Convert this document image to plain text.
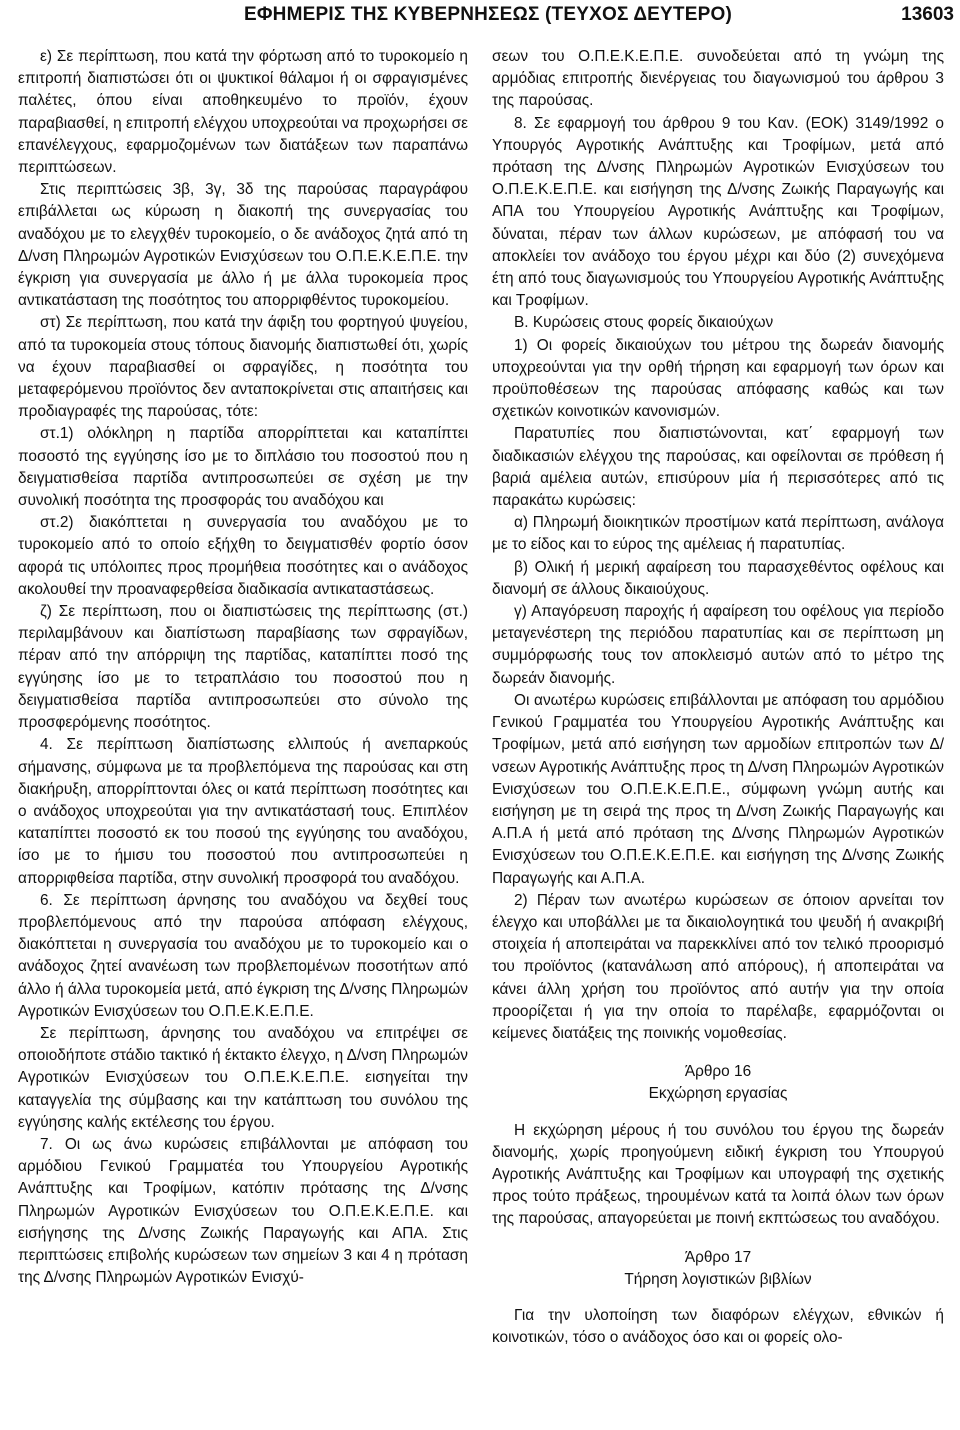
ΕΦΗΜΕΡΙΣ ΤΗΣ ΚΥΒΕΡΝΗΣΕΩΣ (ΤΕΥΧΟΣ ΔΕΥΤΕΡΟ)	13603

ε) Σε περίπτωση, που κατά την φόρτωση από το τυροκομείο η επιτροπή διαπιστώσει ότι οι ψυκτικοί θάλαμοι ή οι σφραγισμένες παλέτες, όπου είναι αποθηκευμένο το προϊόν, έχουν παραβιασθεί, η επιτροπή ελέγχου υποχρεούται να προχωρήσει σε επανέλεγχους, εφαρμοζομένων των διατάξεων των παραπάνω περιπτώσεων.

Στις περιπτώσεις 3β, 3γ, 3δ της παρούσας παραγράφου επιβάλλεται ως κύρωση η διακοπή της συνεργασίας του αναδόχου με το ελεγχθέν τυροκομείο, ο δε ανάδοχος ζητά από τη Δ/νση Πληρωμών Αγροτικών Ενισχύσεων του Ο.Π.Ε.Κ.Ε.Π.Ε. την έγκριση για συνεργασία με άλλο ή με άλλα τυροκομεία προς αντικατάσταση της ποσότητος του απορριφθέντος τυροκομείου.

στ) Σε περίπτωση, που κατά την άφιξη του φορτηγού ψυγείου, από τα τυροκομεία στους τόπους διανομής διαπιστωθεί ότι, χωρίς να έχουν παραβιασθεί οι σφραγίδες, η ποσότητα του μεταφερόμενου προϊόντος δεν ανταποκρίνεται στις απαιτήσεις και προδιαγραφές της παρούσας, τότε:

στ.1) ολόκληρη η παρτίδα απορρίπτεται και καταπίπτει ποσοστό της εγγύησης ίσο με το διπλάσιο του ποσοστού που η δειγματισθείσα παρτίδα αντιπροσωπεύει σε σχέση με την συνολική ποσότητα της προσφοράς του αναδόχου και

στ.2) διακόπτεται η συνεργασία του αναδόχου με το τυροκομείο από το οποίο εξήχθη το δειγματισθέν φορτίο όσον αφορά τις υπόλοιπες προς προμήθεια ποσότητες και ο ανάδοχος ακολουθεί την προαναφερθείσα διαδικασία αντικαταστάσεως.

ζ) Σε περίπτωση, που οι διαπιστώσεις της περίπτωσης (στ.) περιλαμβάνουν και διαπίστωση παραβίασης των σφραγίδων, πέραν από την απόρριψη της παρτίδας, καταπίπτει ποσό της εγγύησης ίσο με το τετραπλάσιο του ποσοστού που η δειγματισθείσα παρτίδα αντιπροσωπεύει στο σύνολο της προσφερόμενης ποσότητος.

4. Σε περίπτωση διαπίστωσης ελλιπούς ή ανεπαρκούς σήμανσης, σύμφωνα με τα προβλεπόμενα της παρούσας και στη διακήρυξη, απορρίπτονται όλες οι κατά περίπτωση ποσότητες και ο ανάδοχος υποχρεούται για την αντικατάστασή τους. Επιπλέον καταπίπτει ποσοστό εκ του ποσού της εγγύησης του αναδόχου, ίσο με το ήμισυ του ποσοστού που αντιπροσωπεύει η απορριφθείσα παρτίδα, στην συνολική προσφορά του αναδόχου.

6. Σε περίπτωση άρνησης του αναδόχου να δεχθεί τους προβλεπόμενους από την παρούσα απόφαση ελέγχους, διακόπτεται η συνεργασία του αναδόχου με το τυροκομείο και ο ανάδοχος ζητεί ανανέωση των προβλεπομένων ποσοτήτων από άλλο ή άλλα τυροκομεία μετά, από έγκριση της Δ/νσης Πληρωμών Αγροτικών Ενισχύσεων του Ο.Π.Ε.Κ.Ε.Π.Ε.

Σε περίπτωση, άρνησης του αναδόχου να επιτρέψει σε οποιοδήποτε στάδιο τακτικό ή έκτακτο έλεγχο, η Δ/νση Πληρωμών Αγροτικών Ενισχύσεων του Ο.Π.Ε.Κ.Ε.Π.Ε. εισηγείται την καταγγελία της σύμβασης και την κατάπτωση του συνόλου της εγγύησης καλής εκτέλεσης του έργου.

7. Οι ως άνω κυρώσεις επιβάλλονται με απόφαση του αρμόδιου Γενικού Γραμματέα του Υπουργείου Αγροτικής Ανάπτυξης και Τροφίμων, κατόπιν πρότασης της Δ/νσης Πληρωμών Αγροτικών Ενισχύσεων του Ο.Π.Ε.Κ.Ε.Π.Ε. και εισήγησης της Δ/νσης Ζωικής Παραγωγής και ΑΠΑ. Στις περιπτώσεις επιβολής κυρώσεων των σημείων 3 και 4 η πρόταση της Δ/νσης Πληρωμών Αγροτικών Ενισχύ-

σεων του Ο.Π.Ε.Κ.Ε.Π.Ε. συνοδεύεται από τη γνώμη της αρμόδιας επιτροπής διενέργειας του διαγωνισμού του άρθρου 3 της παρούσας.

8. Σε εφαρμογή του άρθρου 9 του Καν. (ΕΟΚ) 3149/1992 ο Υπουργός Αγροτικής Ανάπτυξης και Τροφίμων, μετά από πρόταση της Δ/νσης Πληρωμών Αγροτικών Ενισχύσεων του Ο.Π.Ε.Κ.Ε.Π.Ε. και εισήγηση της Δ/νσης Ζωικής Παραγωγής και ΑΠΑ του Υπουργείου Αγροτικής Ανάπτυξης και Τροφίμων, δύναται, πέραν των άλλων κυρώσεων, με απόφασή του να αποκλείει τον ανάδοχο του έργου μέχρι και δύο (2) συνεχόμενα έτη από τους διαγωνισμούς του Υπουργείου Αγροτικής Ανάπτυξης και Τροφίμων.

Β. Κυρώσεις στους φορείς δικαιούχων

1) Οι φορείς δικαιούχων του μέτρου της δωρεάν διανομής υποχρεούνται για την ορθή τήρηση και εφαρμογή των όρων και προϋποθέσεων της παρούσας απόφασης καθώς και των σχετικών κοινοτικών κανονισμών.

Παρατυπίες που διαπιστώνονται, κατ΄ εφαρμογή των διαδικασιών ελέγχου της παρούσας, και οφείλονται σε πρόθεση ή βαριά αμέλεια αυτών, επισύρουν μία ή περισσότερες από τις παρακάτω κυρώσεις:

α) Πληρωμή διοικητικών προστίμων κατά περίπτωση, ανάλογα με το είδος και το εύρος της αμέλειας ή παρατυπίας.

β) Ολική ή μερική αφαίρεση του παρασχεθέντος οφέλους και διανομή σε άλλους δικαιούχους.

γ) Απαγόρευση παροχής ή αφαίρεση του οφέλους για περίοδο μεταγενέστερη της περιόδου παρατυπίας και σε περίπτωση μη συμμόρφωσής τους τον αποκλεισμό αυτών από το μέτρο της δωρεάν διανομής.

Οι ανωτέρω κυρώσεις επιβάλλονται με απόφαση του αρμόδιου Γενικού Γραμματέα του Υπουργείου Αγροτικής Ανάπτυξης και Τροφίμων, μετά από εισήγηση των αρμοδίων επιτροπών των Δ/νσεων Αγροτικής Ανάπτυξης προς τη Δ/νση Πληρωμών Αγροτικών Ενισχύσεων του Ο.Π.Ε.Κ.Ε.Π.Ε., σύμφωνη γνώμη αυτής και εισήγηση με τη σειρά της προς τη Δ/νση Ζωικής Παραγωγής και Α.Π.Α ή μετά από πρόταση της Δ/νσης Πληρωμών Αγροτικών Ενισχύσεων του Ο.Π.Ε.Κ.Ε.Π.Ε. και εισήγηση της Δ/νσης Ζωικής Παραγωγής και Α.Π.Α.

2) Πέραν των ανωτέρω κυρώσεων σε όποιον αρνείται τον έλεγχο και υποβάλλει με τα δικαιολογητικά του ψευδή ή ανακριβή στοιχεία ή αποπειράται να παρεκκλίνει από τον τελικό προορισμό του προϊόντος (κατανάλωση από απόρους), ή αποπειράται να κάνει άλλη χρήση του προϊόντος από αυτήν για την οποία προορίζεται ή για την οποία το παρέλαβε, εφαρμόζονται οι κείμενες διατάξεις της ποινικής νομοθεσίας.

Άρθρο 16

Εκχώρηση εργασίας

Η εκχώρηση μέρους ή του συνόλου του έργου της δωρεάν διανομής, χωρίς προηγούμενη ειδική έγκριση του Υπουργού Αγροτικής Ανάπτυξης και Τροφίμων και υπογραφή της σχετικής προς τούτο πράξεως, τηρουμένων κατά τα λοιπά όλων των όρων της παρούσας, απαγορεύεται με ποινή εκπτώσεως του αναδόχου.

Άρθρο 17

Τήρηση λογιστικών βιβλίων

Για την υλοποίηση των διαφόρων ελέγχων, εθνικών ή κοινοτικών, τόσο ο ανάδοχος όσο και οι φορείς ολο-
